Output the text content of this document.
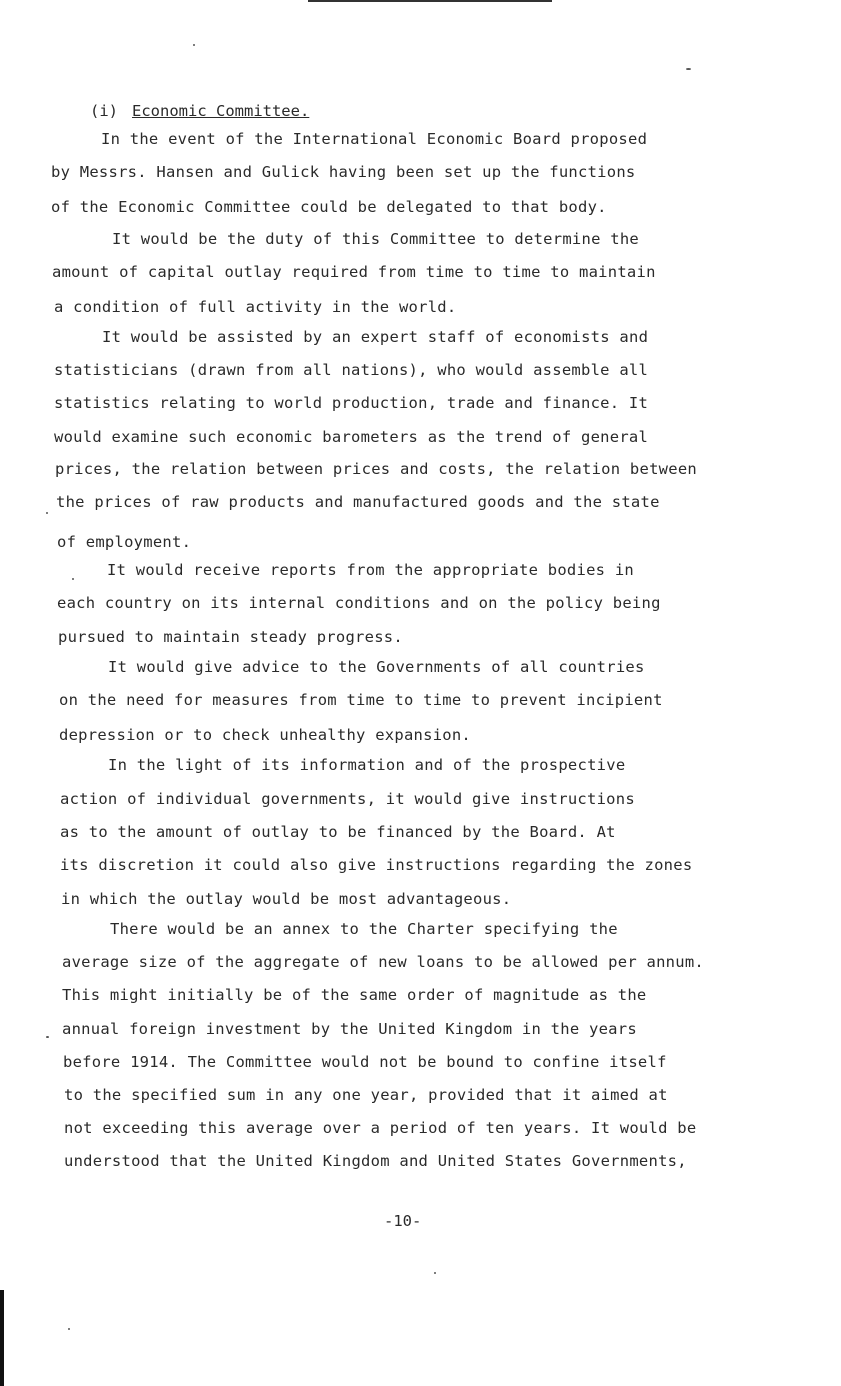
(i) Economic Committee.
In the event of the International Economic Board proposed
by Messrs. Hansen and Gulick having been set up the functions
of the Economic Committee could be delegated to that body.
It would be the duty of this Committee to determine the
amount of capital outlay required from time to time to maintain
a condition of full activity in the world.
It would be assisted by an expert staff of economists and
statisticians (drawn from all nations), who would assemble all
statistics relating to world production, trade and finance. It
would examine such economic barometers as the trend of general
prices, the relation between prices and costs, the relation between
the prices of raw products and manufactured goods and the state
of employment.
It would receive reports from the appropriate bodies in
each country on its internal conditions and on the policy being
pursued to maintain steady progress.
It would give advice to the Governments of all countries
on the need for measures from time to time to prevent incipient
depression or to check unhealthy expansion.
In the light of its information and of the prospective
action of individual governments, it would give instructions
as to the amount of outlay to be financed by the Board. At
its discretion it could also give instructions regarding the zones
in which the outlay would be most advantageous.
There would be an annex to the Charter specifying the
average size of the aggregate of new loans to be allowed per annum.
This might initially be of the same order of magnitude as the
annual foreign investment by the United Kingdom in the years
before 1914. The Committee would not be bound to confine itself
to the specified sum in any one year, provided that it aimed at
not exceeding this average over a period of ten years. It would be
understood that the United Kingdom and United States Governments,
-10-
